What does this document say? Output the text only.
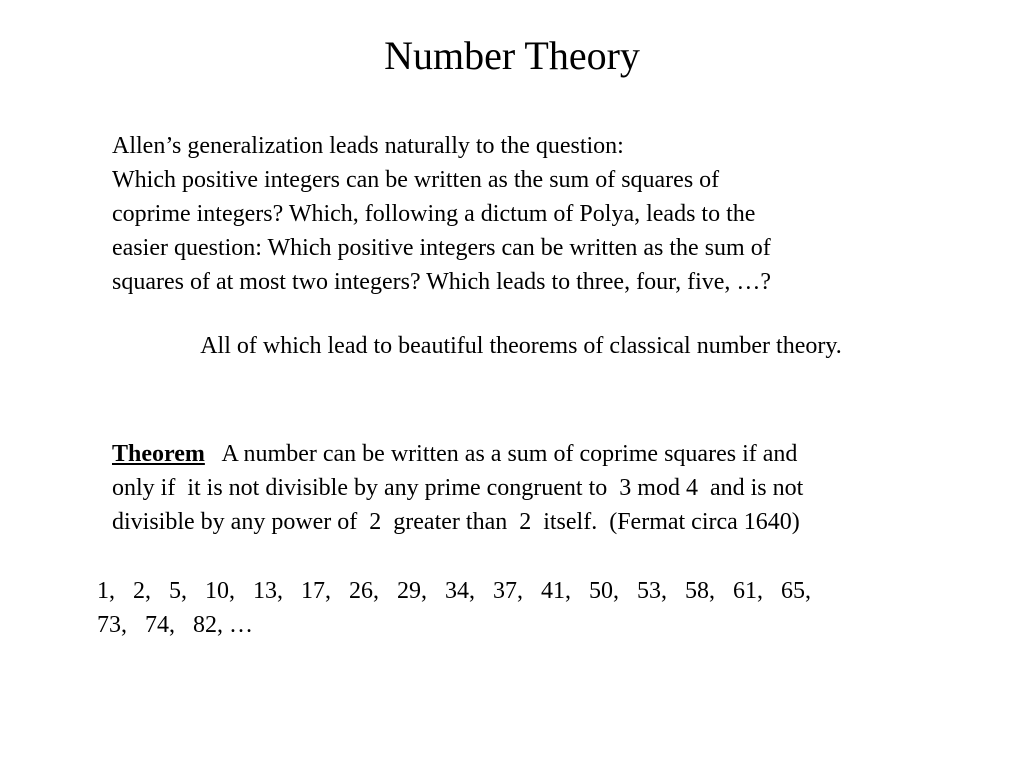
Number Theory
Allen’s generalization leads naturally to the question:
Which positive integers can be written as the sum of squares of
coprime integers? Which, following a dictum of Polya, leads to the
easier question: Which positive integers can be written as the sum of
squares of at most two integers? Which leads to three, four, five, …?
All of which lead to beautiful theorems of classical number theory.
Theorem   A number can be written as a sum of coprime squares if and
only if  it is not divisible by any prime congruent to  3 mod 4  and is not
divisible by any power of  2  greater than  2  itself.  (Fermat circa 1640)
1,   2,   5,   10,   13,   17,   26,   29,   34,   37,   41,   50,   53,   58,   61,   65,
73,   74,   82, …
